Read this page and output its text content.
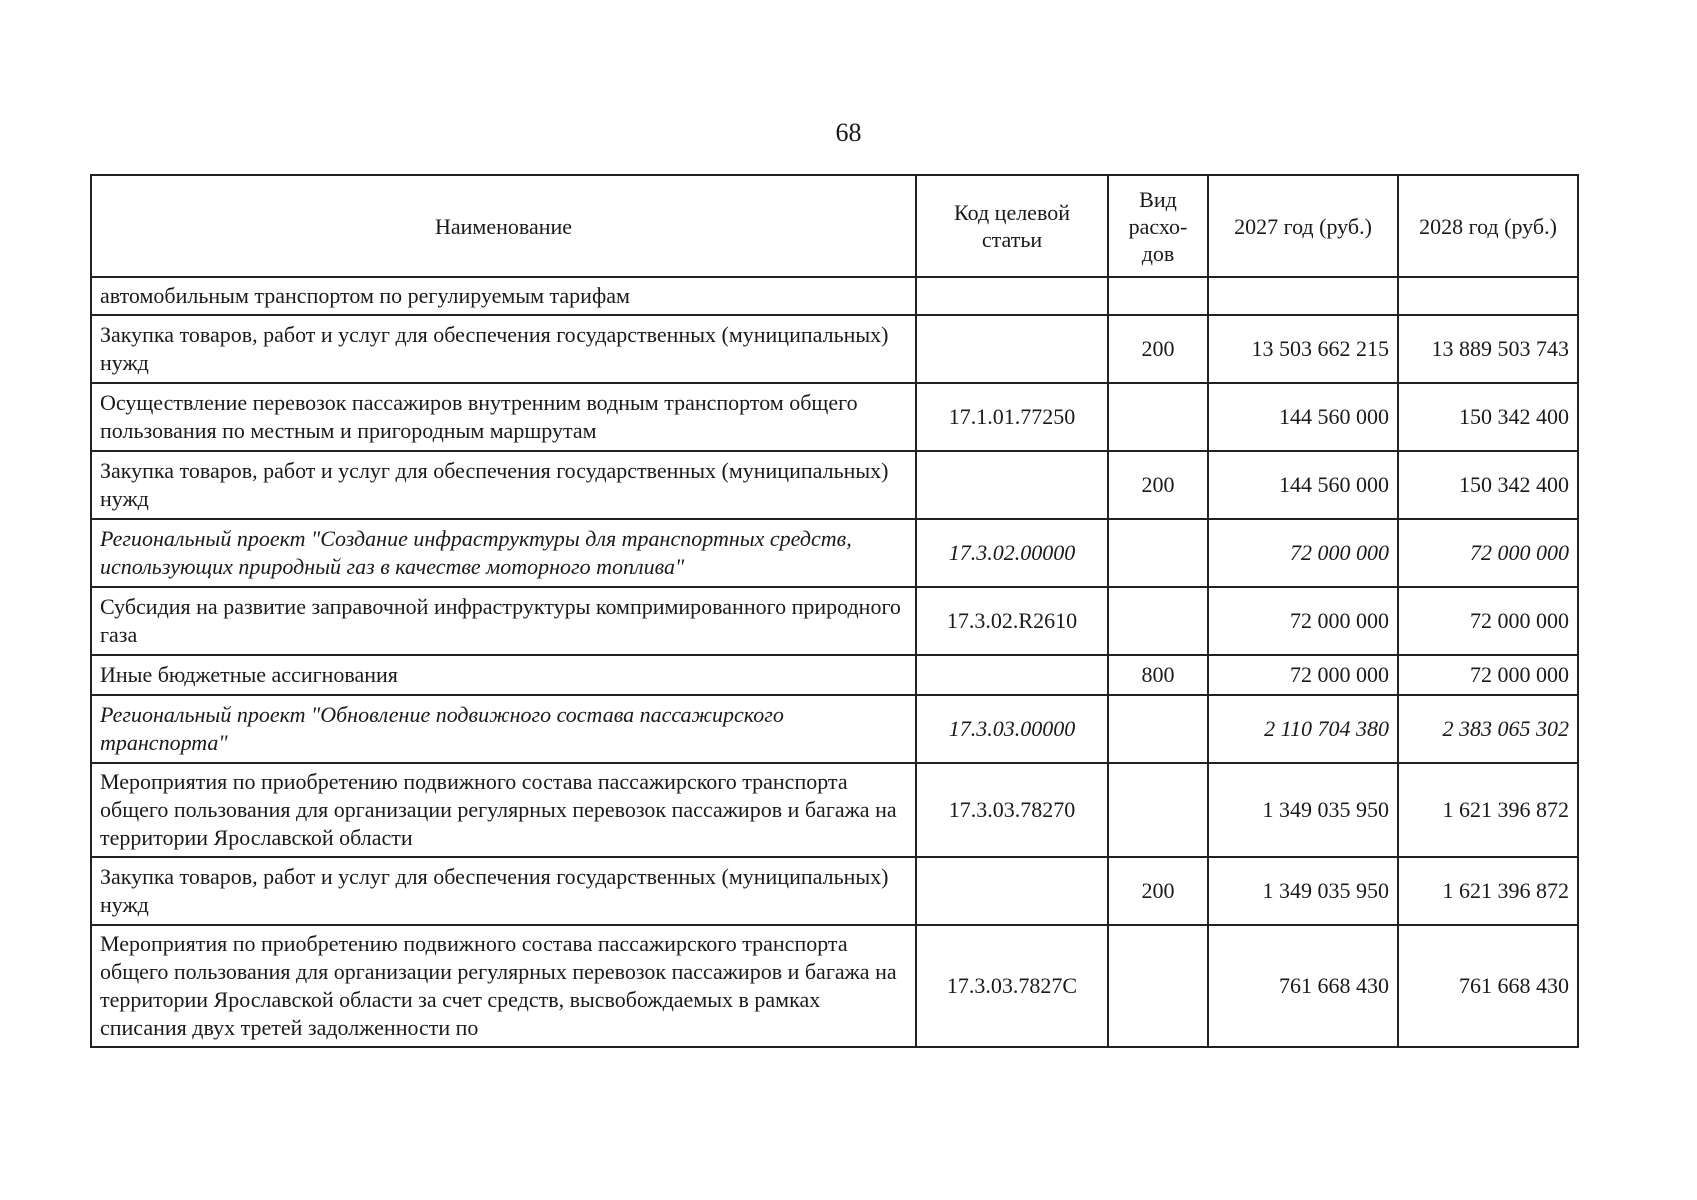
68
Наименование	Код целевой статьи	Вид расхо-дов	2027 год (руб.)	2028 год (руб.)
автомобильным транспортом по регулируемым тарифам				
Закупка товаров, работ и услуг для обеспечения государственных (муниципальных) нужд		200	13 503 662 215	13 889 503 743
Осуществление перевозок пассажиров внутренним водным транспортом общего пользования по местным и пригородным маршрутам	17.1.01.77250		144 560 000	150 342 400
Закупка товаров, работ и услуг для обеспечения государственных (муниципальных) нужд		200	144 560 000	150 342 400
Региональный проект "Создание инфраструктуры для транспортных средств, использующих природный газ в качестве моторного топлива"	17.3.02.00000		72 000 000	72 000 000
Субсидия на развитие заправочной инфраструктуры компримированного природного газа	17.3.02.R2610		72 000 000	72 000 000
Иные бюджетные ассигнования		800	72 000 000	72 000 000
Региональный проект "Обновление подвижного состава пассажирского транспорта"	17.3.03.00000		2 110 704 380	2 383 065 302
Мероприятия по приобретению подвижного состава пассажирского транспорта общего пользования для организации регулярных перевозок пассажиров и багажа на территории Ярославской области	17.3.03.78270		1 349 035 950	1 621 396 872
Закупка товаров, работ и услуг для обеспечения государственных (муниципальных) нужд		200	1 349 035 950	1 621 396 872
Мероприятия по приобретению подвижного состава пассажирского транспорта общего пользования для организации регулярных перевозок пассажиров и багажа на территории Ярославской области за счет средств, высвобождаемых в рамках списания двух третей задолженности по	17.3.03.7827С		761 668 430	761 668 430
